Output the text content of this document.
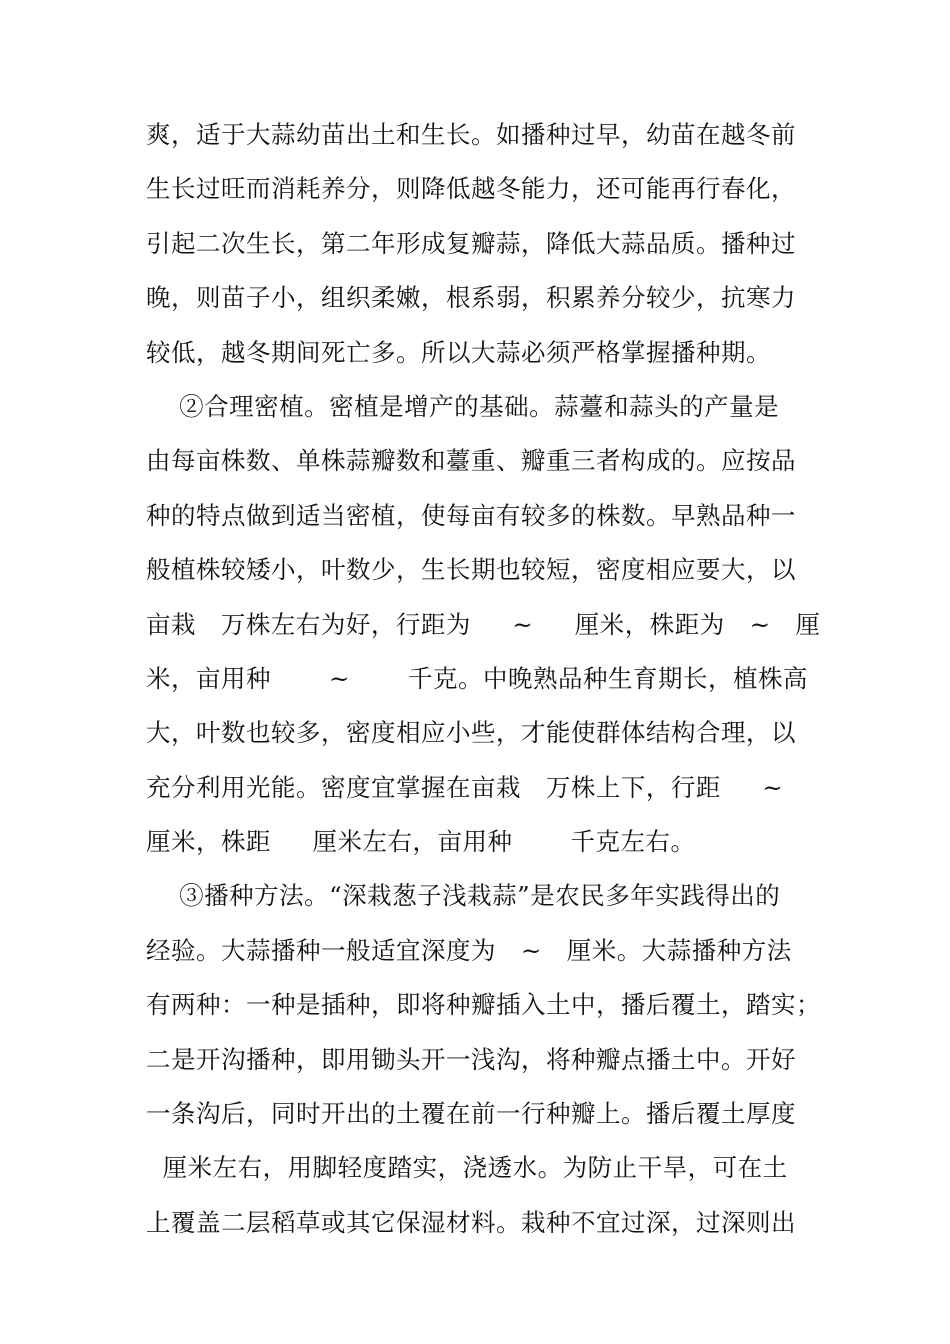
爽，适于大蒜幼苗出土和生长。如播种过早，幼苗在越冬前
生长过旺而消耗养分，则降低越冬能力，还可能再行春化，
引起二次生长，第二年形成复瓣蒜，降低大蒜品质。播种过
晚，则苗子小，组织柔嫩，根系弱，积累养分较少，抗寒力
较低，越冬期间死亡多。所以大蒜必须严格掌握播种期。
②合理密植。密植是增产的基础。蒜薹和蒜头的产量是
由每亩株数、单株蒜瓣数和薹重、瓣重三者构成的。应按品
种的特点做到适当密植，使每亩有较多的株数。早熟品种一
般植株较矮小，叶数少，生长期也较短，密度相应要大，以
亩栽   万株左右为好，行距为     ~     厘米，株距为   ~   厘
米，亩用种       ~       千克。中晚熟品种生育期长，植株高
大，叶数也较多，密度相应小些，才能使群体结构合理，以
充分利用光能。密度宜掌握在亩栽   万株上下，行距     ~
厘米，株距     厘米左右，亩用种       千克左右。
③播种方法。“深栽葱子浅栽蒜”是农民多年实践得出的
经验。大蒜播种一般适宜深度为   ~   厘米。大蒜播种方法
有两种：一种是插种，即将种瓣插入土中，播后覆土，踏实；
二是开沟播种，即用锄头开一浅沟，将种瓣点播土中。开好
一条沟后，同时开出的土覆在前一行种瓣上。播后覆土厚度
厘米左右，用脚轻度踏实，浇透水。为防止干旱，可在土
上覆盖二层稻草或其它保湿材料。栽种不宜过深，过深则出
